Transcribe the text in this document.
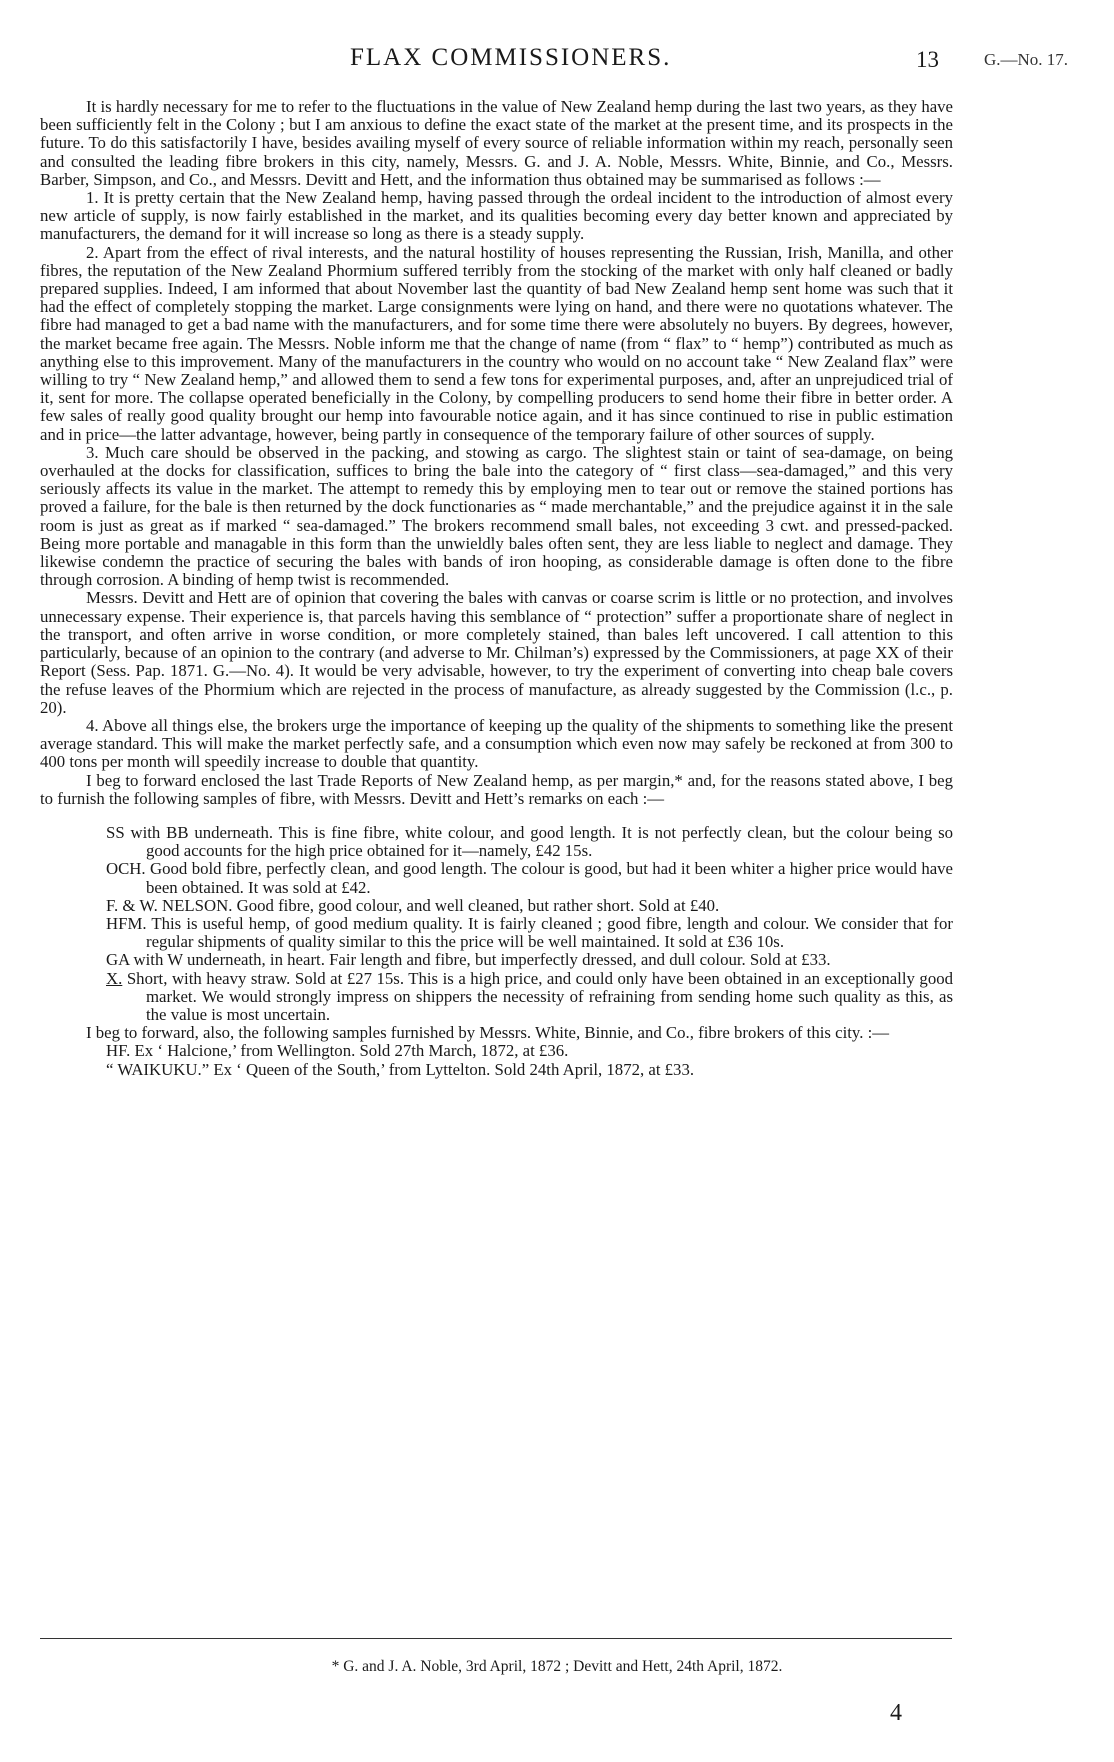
FLAX COMMISSIONERS.	13	G.—No. 17.

It is hardly necessary for me to refer to the fluctuations in the value of New Zealand hemp during the last two years, as they have been sufficiently felt in the Colony ; but I am anxious to define the exact state of the market at the present time, and its prospects in the future. To do this satisfactorily I have, besides availing myself of every source of reliable information within my reach, personally seen and consulted the leading fibre brokers in this city, namely, Messrs. G. and J. A. Noble, Messrs. White, Binnie, and Co., Messrs. Barber, Simpson, and Co., and Messrs. Devitt and Hett, and the information thus obtained may be summarised as follows :—

1. It is pretty certain that the New Zealand hemp, having passed through the ordeal incident to the introduction of almost every new article of supply, is now fairly established in the market, and its qualities becoming every day better known and appreciated by manufacturers, the demand for it will increase so long as there is a steady supply.

2. Apart from the effect of rival interests, and the natural hostility of houses representing the Russian, Irish, Manilla, and other fibres, the reputation of the New Zealand Phormium suffered terribly from the stocking of the market with only half cleaned or badly prepared supplies. Indeed, I am informed that about November last the quantity of bad New Zealand hemp sent home was such that it had the effect of completely stopping the market. Large consignments were lying on hand, and there were no quotations whatever. The fibre had managed to get a bad name with the manufacturers, and for some time there were absolutely no buyers. By degrees, however, the market became free again. The Messrs. Noble inform me that the change of name (from “ flax” to “ hemp”) contributed as much as anything else to this improvement. Many of the manufacturers in the country who would on no account take “ New Zealand flax” were willing to try “ New Zealand hemp,” and allowed them to send a few tons for experimental purposes, and, after an unprejudiced trial of it, sent for more. The collapse operated beneficially in the Colony, by compelling producers to send home their fibre in better order. A few sales of really good quality brought our hemp into favourable notice again, and it has since continued to rise in public estimation and in price—the latter advantage, however, being partly in consequence of the temporary failure of other sources of supply.

3. Much care should be observed in the packing, and stowing as cargo. The slightest stain or taint of sea-damage, on being overhauled at the docks for classification, suffices to bring the bale into the category of “ first class—sea-damaged,” and this very seriously affects its value in the market. The attempt to remedy this by employing men to tear out or remove the stained portions has proved a failure, for the bale is then returned by the dock functionaries as “ made merchantable,” and the prejudice against it in the sale room is just as great as if marked “ sea-damaged.” The brokers recommend small bales, not exceeding 3 cwt. and pressed-packed. Being more portable and managable in this form than the unwieldly bales often sent, they are less liable to neglect and damage. They likewise condemn the practice of securing the bales with bands of iron hooping, as considerable damage is often done to the fibre through corrosion. A binding of hemp twist is recommended.

Messrs. Devitt and Hett are of opinion that covering the bales with canvas or coarse scrim is little or no protection, and involves unnecessary expense. Their experience is, that parcels having this semblance of “ protection” suffer a proportionate share of neglect in the transport, and often arrive in worse condition, or more completely stained, than bales left uncovered. I call attention to this particularly, because of an opinion to the contrary (and adverse to Mr. Chilman’s) expressed by the Commissioners, at page XX of their Report (Sess. Pap. 1871. G.—No. 4). It would be very advisable, however, to try the experiment of converting into cheap bale covers the refuse leaves of the Phormium which are rejected in the process of manufacture, as already suggested by the Commission (l.c., p. 20).

4. Above all things else, the brokers urge the importance of keeping up the quality of the shipments to something like the present average standard. This will make the market perfectly safe, and a consumption which even now may safely be reckoned at from 300 to 400 tons per month will speedily increase to double that quantity.

I beg to forward enclosed the last Trade Reports of New Zealand hemp, as per margin,* and, for the reasons stated above, I beg to furnish the following samples of fibre, with Messrs. Devitt and Hett’s remarks on each :—

SS with BB underneath. This is fine fibre, white colour, and good length. It is not perfectly clean, but the colour being so good accounts for the high price obtained for it—namely, £42 15s.
OCH. Good bold fibre, perfectly clean, and good length. The colour is good, but had it been whiter a higher price would have been obtained. It was sold at £42.
F. & W. NELSON. Good fibre, good colour, and well cleaned, but rather short. Sold at £40.
HFM. This is useful hemp, of good medium quality. It is fairly cleaned ; good fibre, length and colour. We consider that for regular shipments of quality similar to this the price will be well maintained. It sold at £36 10s.
GA with W underneath, in heart. Fair length and fibre, but imperfectly dressed, and dull colour. Sold at £33.
X. Short, with heavy straw. Sold at £27 15s. This is a high price, and could only have been obtained in an exceptionally good market. We would strongly impress on shippers the necessity of refraining from sending home such quality as this, as the value is most uncertain.

I beg to forward, also, the following samples furnished by Messrs. White, Binnie, and Co., fibre brokers of this city. :—

HF. Ex ‘ Halcione,’ from Wellington. Sold 27th March, 1872, at £36.
“ WAIKUKU.” Ex ‘ Queen of the South,’ from Lyttelton. Sold 24th April, 1872, at £33.
* G. and J. A. Noble, 3rd April, 1872 ; Devitt and Hett, 24th April, 1872.
4
